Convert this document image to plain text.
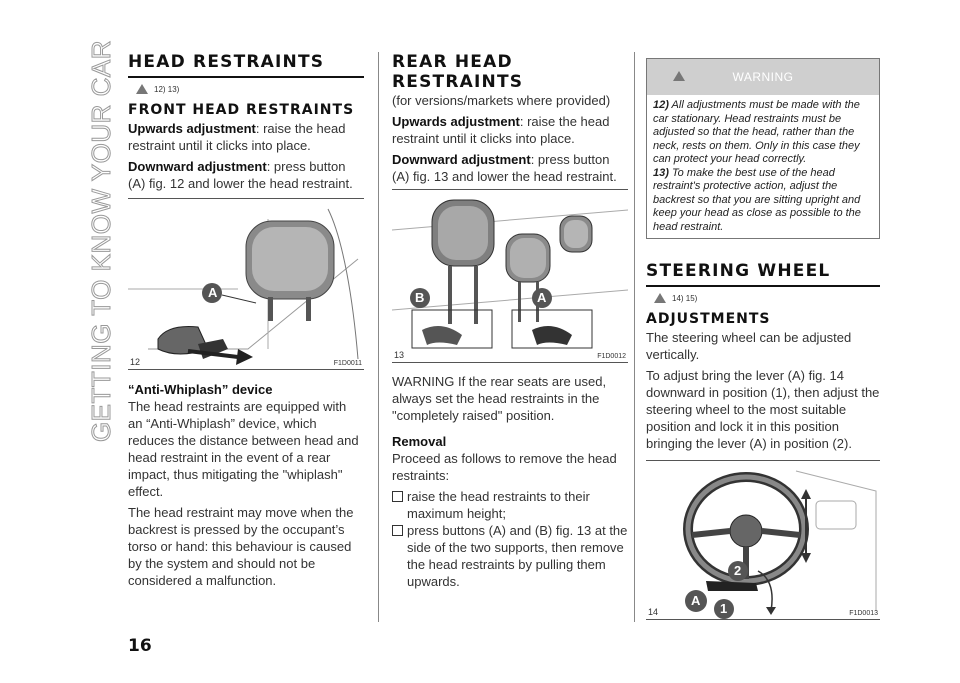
GETTING TO KNOW YOUR CAR
16
HEAD RESTRAINTS
12) 13)
FRONT HEAD RESTRAINTS

Upwards adjustment: raise the head restraint until it clicks into place.

Downward adjustment: press button (A) fig. 12 and lower the head restraint.

A
12	F1D0011
“Anti-Whiplash” device

The head restraints are equipped with an “Anti-Whiplash” device, which reduces the distance between head and head restraint in the event of a rear impact, thus mitigating the "whiplash" effect.

The head restraint may move when the backrest is pressed by the occupant’s torso or hand: this behaviour is caused by the system and should not be considered a malfunction.

REAR HEAD RESTRAINTS

(for versions/markets where provided)

Upwards adjustment: raise the head restraint until it clicks into place.

Downward adjustment: press button (A) fig. 13 and lower the head restraint.

B	A
13	F1D0012

WARNING If the rear seats are used, always set the head restraints in the "completely raised" position.

Removal

Proceed as follows to remove the head restraints:

raise the head restraints to their maximum height;
press buttons (A) and (B) fig. 13 at the side of the two supports, then remove the head restraints by pulling them upwards.
WARNING
12) All adjustments must be made with the car stationary. Head restraints must be adjusted so that the head, rather than the neck, rests on them. Only in this case they can protect your head correctly.
13) To make the best use of the head restraint's protective action, adjust the backrest so that you are sitting upright and keep your head as close as possible to the head restraint.
STEERING WHEEL
14) 15)
ADJUSTMENTS

The steering wheel can be adjusted vertically.

To adjust bring the lever (A) fig. 14 downward in position (1), then adjust the steering wheel to the most suitable position and lock it in this position bringing the lever (A) in position (2).

2
1
A
14	F1D0013
